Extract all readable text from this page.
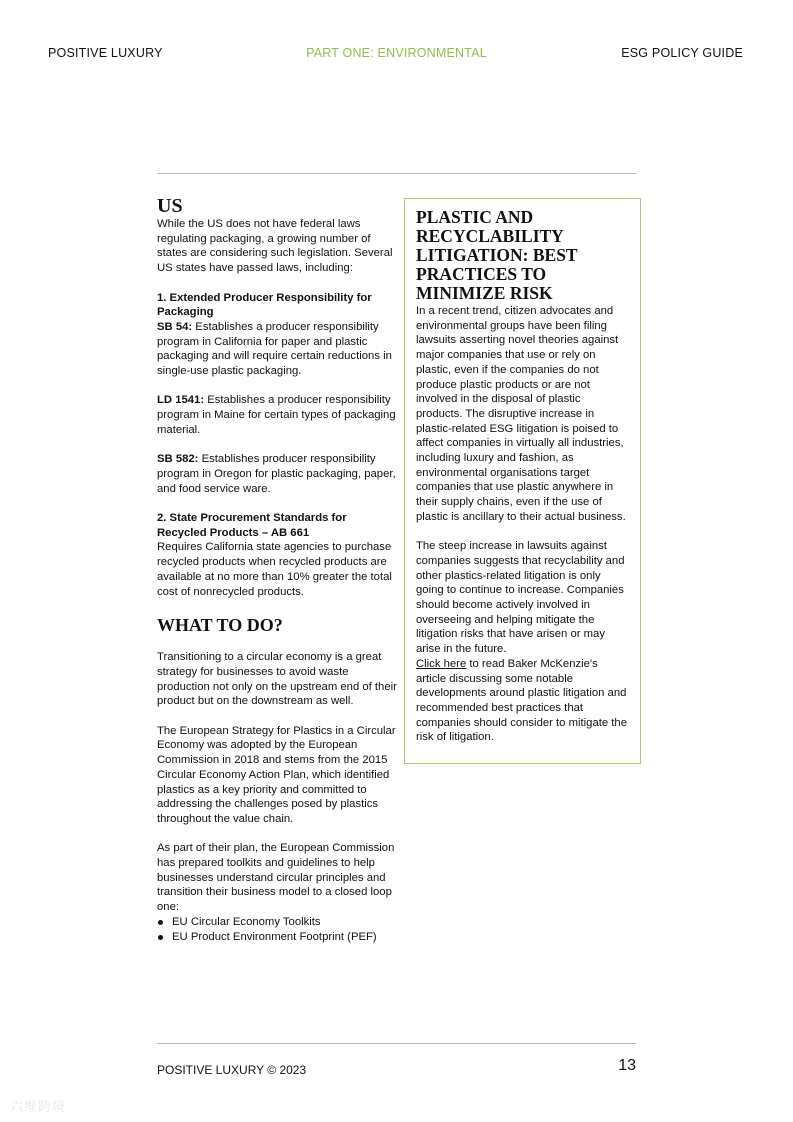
POSITIVE LUXURY	PART ONE: ENVIRONMENTAL	ESG POLICY GUIDE
US

While the US does not have federal laws regulating packaging, a growing number of states are considering such legislation. Several US states have passed laws, including:

1. Extended Producer Responsibility for Packaging

SB 54: Establishes a producer responsibility program in California for paper and plastic packaging and will require certain reductions in single-use plastic packaging.

LD 1541: Establishes a producer responsibility program in Maine for certain types of packaging material.

SB 582: Establishes producer responsibility program in Oregon for plastic packaging, paper, and food service ware.

2. State Procurement Standards for Recycled Products – AB 661

Requires California state agencies to purchase recycled products when recycled products are available at no more than 10% greater the total cost of nonrecycled products.

WHAT TO DO?

Transitioning to a circular economy is a great strategy for businesses to avoid waste production not only on the upstream end of their product but on the downstream as well.

The European Strategy for Plastics in a Circular Economy was adopted by the European Commission in 2018 and stems from the 2015 Circular Economy Action Plan, which identified plastics as a key priority and committed to addressing the challenges posed by plastics throughout the value chain.

As part of their plan, the European Commission has prepared toolkits and guidelines to help businesses understand circular principles and transition their business model to a closed loop one:

EU Circular Economy Toolkits
EU Product Environment Footprint (PEF)
PLASTIC AND RECYCLABILITY LITIGATION: BEST PRACTICES TO MINIMIZE RISK

In a recent trend, citizen advocates and environmental groups have been filing lawsuits asserting novel theories against major companies that use or rely on plastic, even if the companies do not produce plastic products or are not involved in the disposal of plastic products. The disruptive increase in plastic-related ESG litigation is poised to affect companies in virtually all industries, including luxury and fashion, as environmental organisations target companies that use plastic anywhere in their supply chains, even if the use of plastic is ancillary to their actual business.

The steep increase in lawsuits against companies suggests that recyclability and other plastics-related litigation is only going to continue to increase. Companies should become actively involved in overseeing and helping mitigate the litigation risks that have arisen or may arise in the future.

Click here to read Baker McKenzie's article discussing some notable developments around plastic litigation and recommended best practices that companies should consider to mitigate the risk of litigation.

POSITIVE LUXURY © 2023	13
六维跨境
